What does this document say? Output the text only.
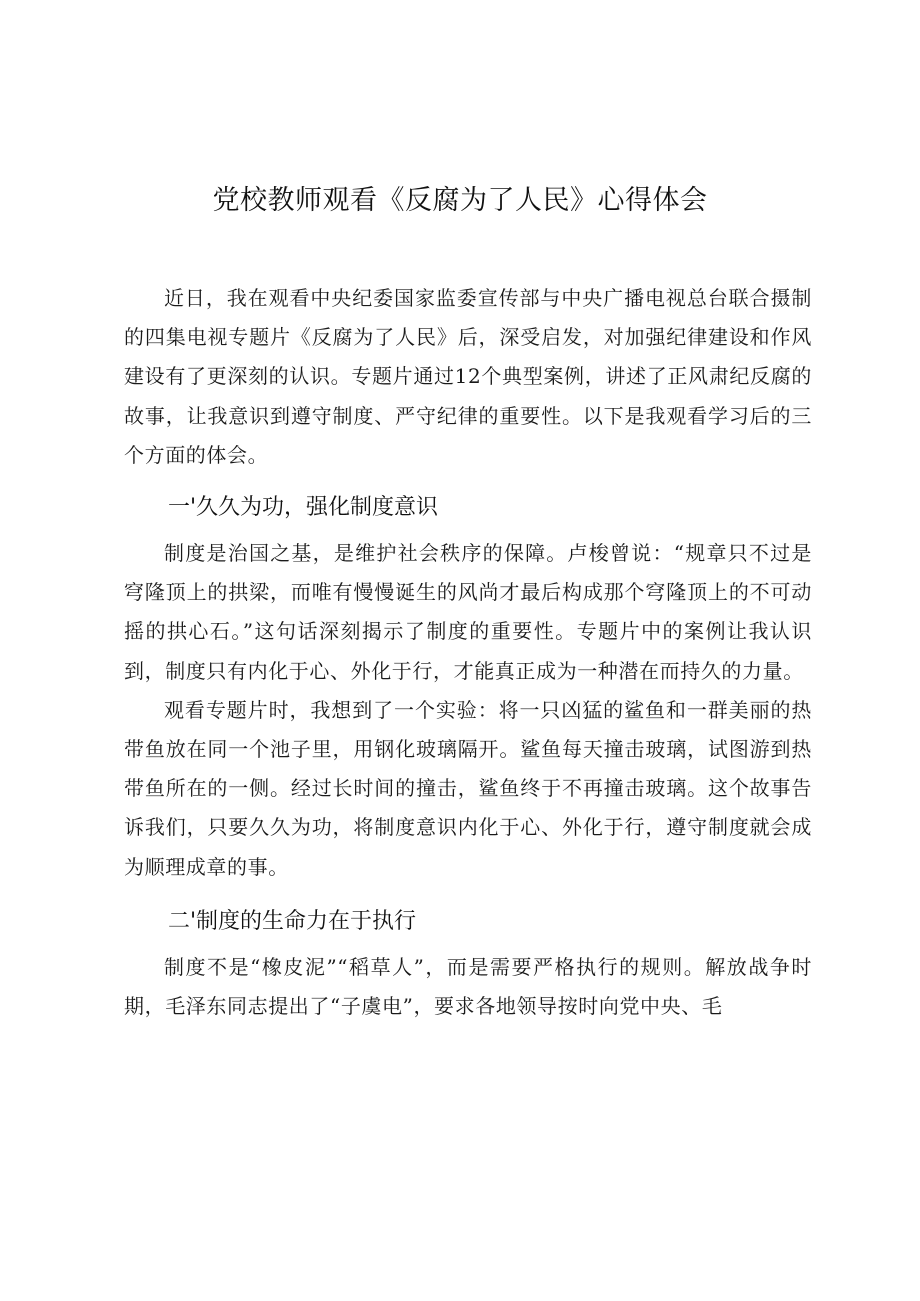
党校教师观看《反腐为了人民》心得体会

近日，我在观看中央纪委国家监委宣传部与中央广播电视总台联合摄制的四集电视专题片《反腐为了人民》后，深受启发，对加强纪律建设和作风建设有了更深刻的认识。专题片通过12个典型案例，讲述了正风肃纪反腐的故事，让我意识到遵守制度、严守纪律的重要性。以下是我观看学习后的三个方面的体会。

一'久久为功，强化制度意识

制度是治国之基，是维护社会秩序的保障。卢梭曾说：“规章只不过是穹隆顶上的拱梁，而唯有慢慢诞生的风尚才最后构成那个穹隆顶上的不可动摇的拱心石。”这句话深刻揭示了制度的重要性。专题片中的案例让我认识到，制度只有内化于心、外化于行，才能真正成为一种潜在而持久的力量。

观看专题片时，我想到了一个实验：将一只凶猛的鲨鱼和一群美丽的热带鱼放在同一个池子里，用钢化玻璃隔开。鲨鱼每天撞击玻璃，试图游到热带鱼所在的一侧。经过长时间的撞击，鲨鱼终于不再撞击玻璃。这个故事告诉我们，只要久久为功，将制度意识内化于心、外化于行，遵守制度就会成为顺理成章的事。

二'制度的生命力在于执行

制度不是“橡皮泥”“稻草人”，而是需要严格执行的规则。解放战争时期，毛泽东同志提出了“子虞电”，要求各地领导按时向党中央、毛
